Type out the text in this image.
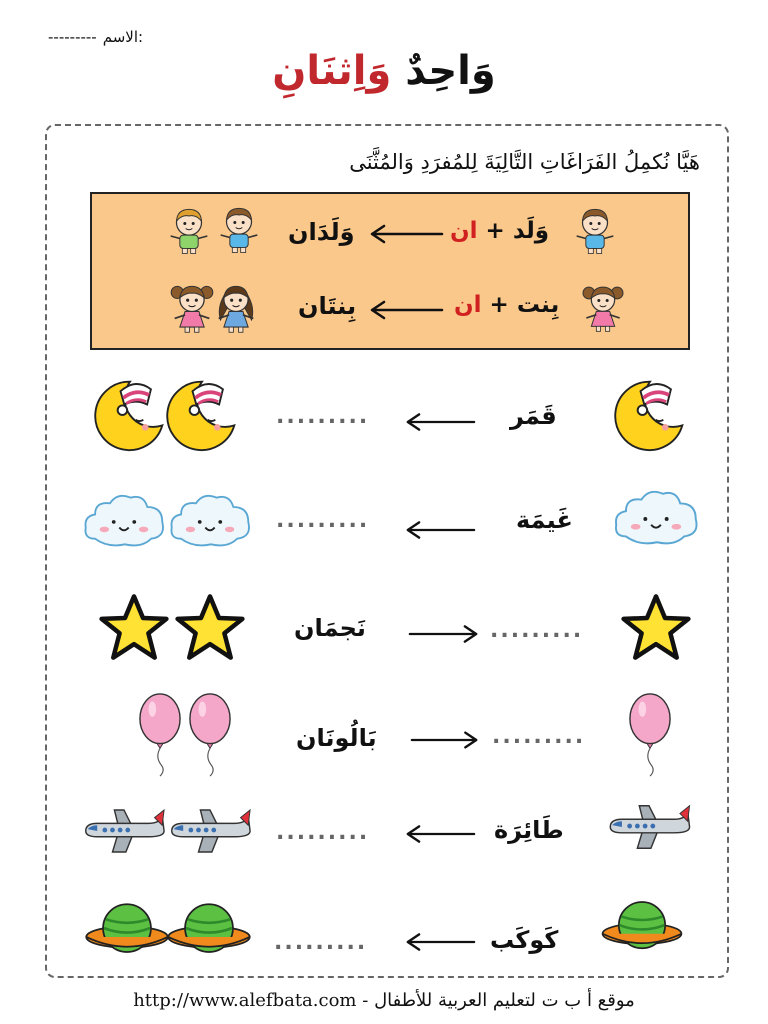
--------- الاسم:
وَاحِدٌ وَاِثنَانِ
هَيَّا نُكمِلُ الفَرَاغَاتِ التَّالِيَةَ لِلمُفرَدِ وَالمُثَّنَى
وَلَدَان	وَلَد + ان
بِنتَان	بِنت + ان
.........	قَمَر
.........	غَيمَة
نَجمَان	.........
بَالُونَان	.........
.........	طَائِرَة
.........	كَوكَب
موقع أ ب ت لتعليم العربية للأطفال - http://www.alefbata.com
